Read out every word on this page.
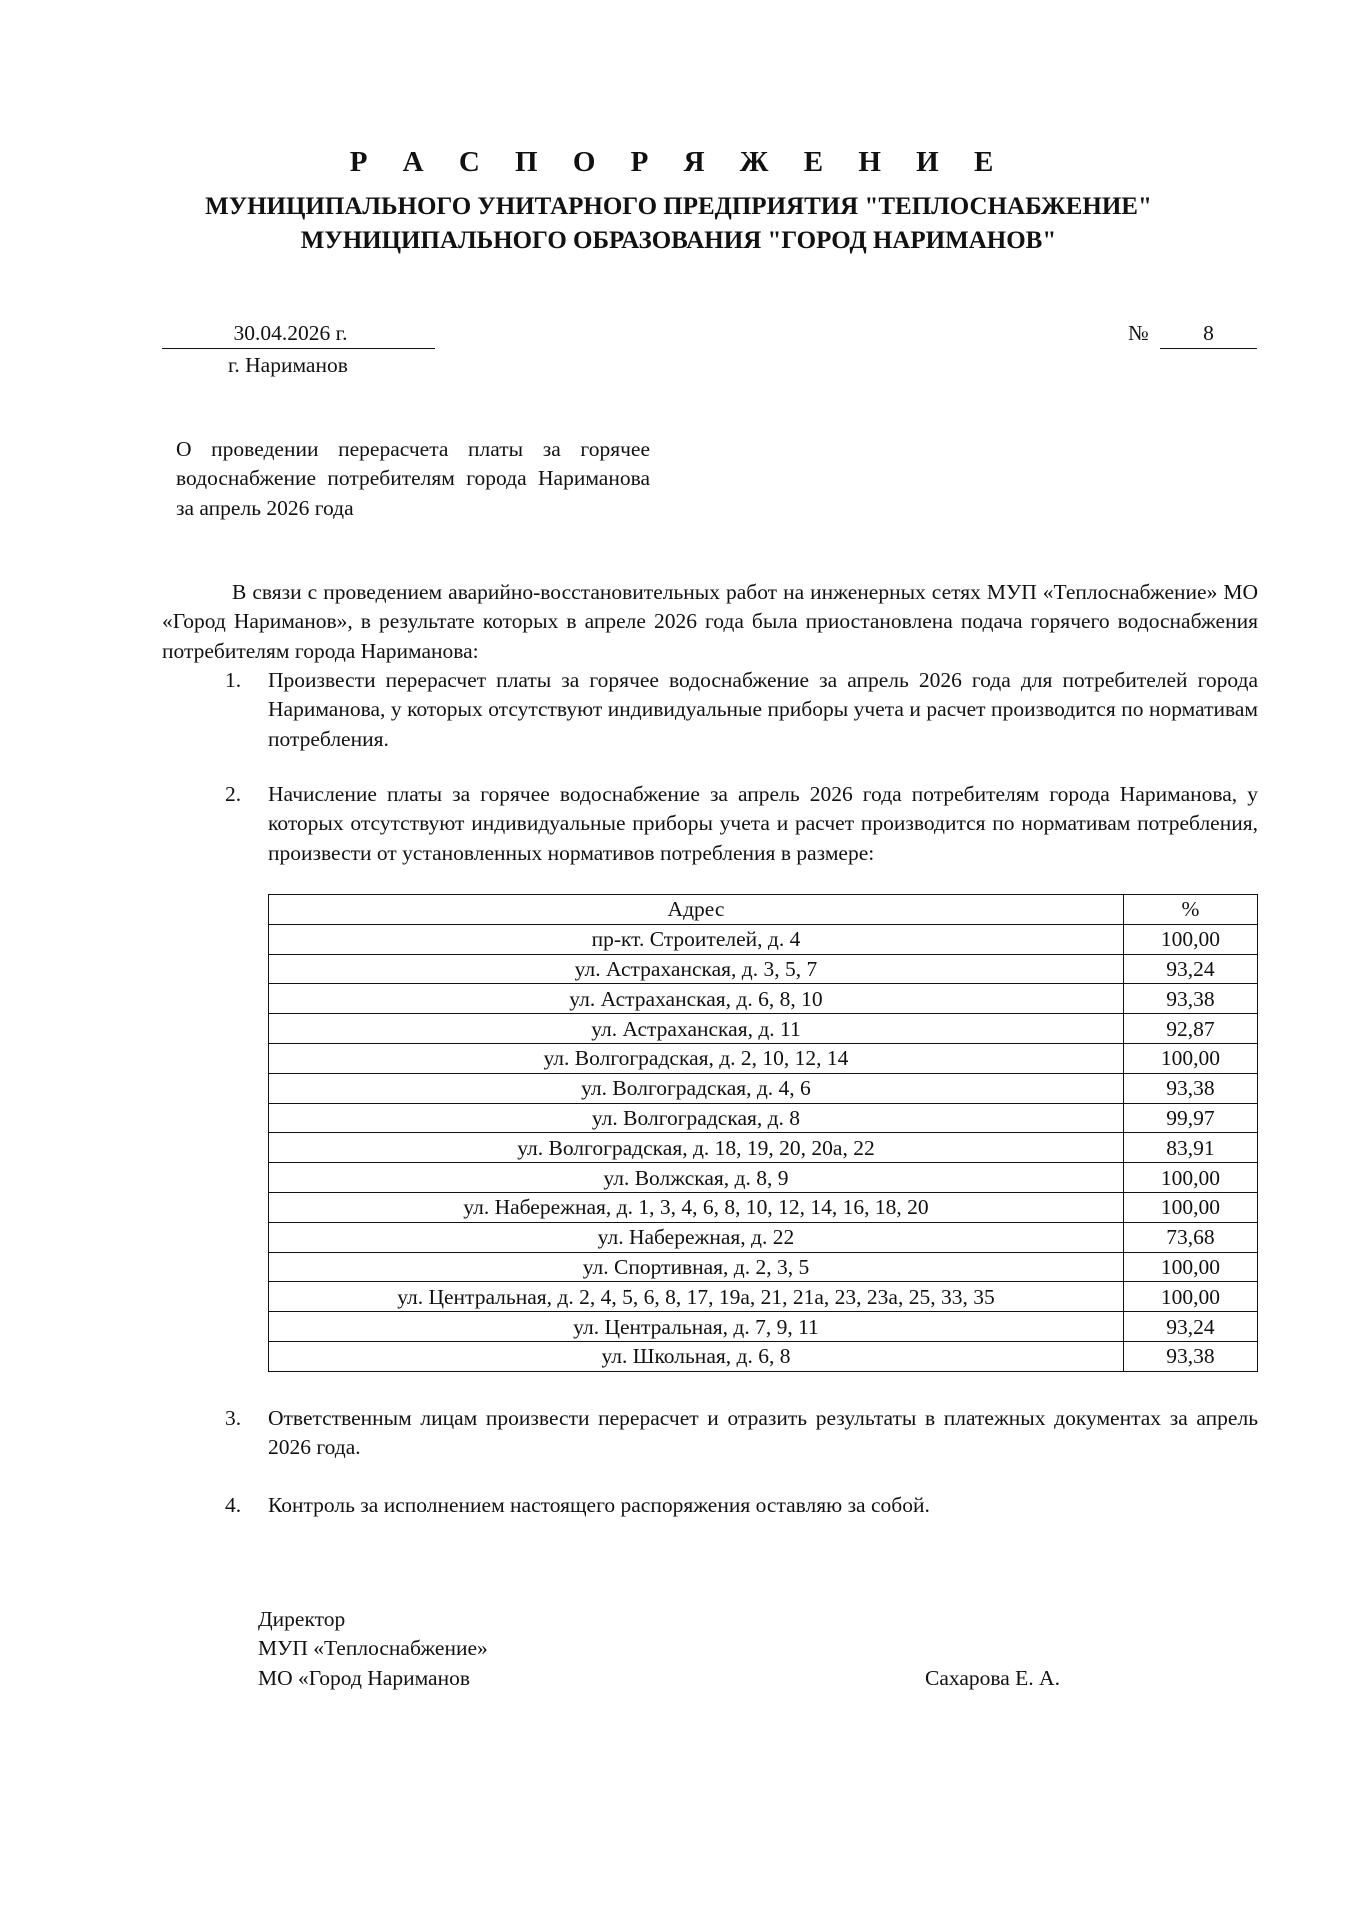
Р А С П О Р Я Ж Е Н И Е
МУНИЦИПАЛЬНОГО УНИТАРНОГО ПРЕДПРИЯТИЯ "ТЕПЛОСНАБЖЕНИЕ"
МУНИЦИПАЛЬНОГО ОБРАЗОВАНИЯ "ГОРОД НАРИМАНОВ"
30.04.2026 г.
г. Нариманов
№	8
О проведении перерасчета платы за горячее водоснабжение потребителям города Нариманова за апрель 2026 года
В связи с проведением аварийно-восстановительных работ на инженерных сетях МУП «Теплоснабжение» МО «Город Нариманов», в результате которых в апреле 2026 года была приостановлена подача горячего водоснабжения потребителям города Нариманова:
1. Произвести перерасчет платы за горячее водоснабжение за апрель 2026 года для потребителей города Нариманова, у которых отсутствуют индивидуальные приборы учета и расчет производится по нормативам потребления.
2. Начисление платы за горячее водоснабжение за апрель 2026 года потребителям города Нариманова, у которых отсутствуют индивидуальные приборы учета и расчет производится по нормативам потребления, произвести от установленных нормативов потребления в размере:
Адрес	%
пр-кт. Строителей, д. 4	100,00
ул. Астраханская, д. 3, 5, 7	93,24
ул. Астраханская, д. 6, 8, 10	93,38
ул. Астраханская, д. 11	92,87
ул. Волгоградская, д. 2, 10, 12, 14	100,00
ул. Волгоградская, д. 4, 6	93,38
ул. Волгоградская, д. 8	99,97
ул. Волгоградская, д. 18, 19, 20, 20а, 22	83,91
ул. Волжская, д. 8, 9	100,00
ул. Набережная, д. 1, 3, 4, 6, 8, 10, 12, 14, 16, 18, 20	100,00
ул. Набережная, д. 22	73,68
ул. Спортивная, д. 2, 3, 5	100,00
ул. Центральная, д. 2, 4, 5, 6, 8, 17, 19а, 21, 21а, 23, 23а, 25, 33, 35	100,00
ул. Центральная, д. 7, 9, 11	93,24
ул. Школьная, д. 6, 8	93,38
3. Ответственным лицам произвести перерасчет и отразить результаты в платежных документах за апрель 2026 года.
4. Контроль за исполнением настоящего распоряжения оставляю за собой.
Директор
МУП «Теплоснабжение»
МО «Город Нариманов	Сахарова Е. А.
